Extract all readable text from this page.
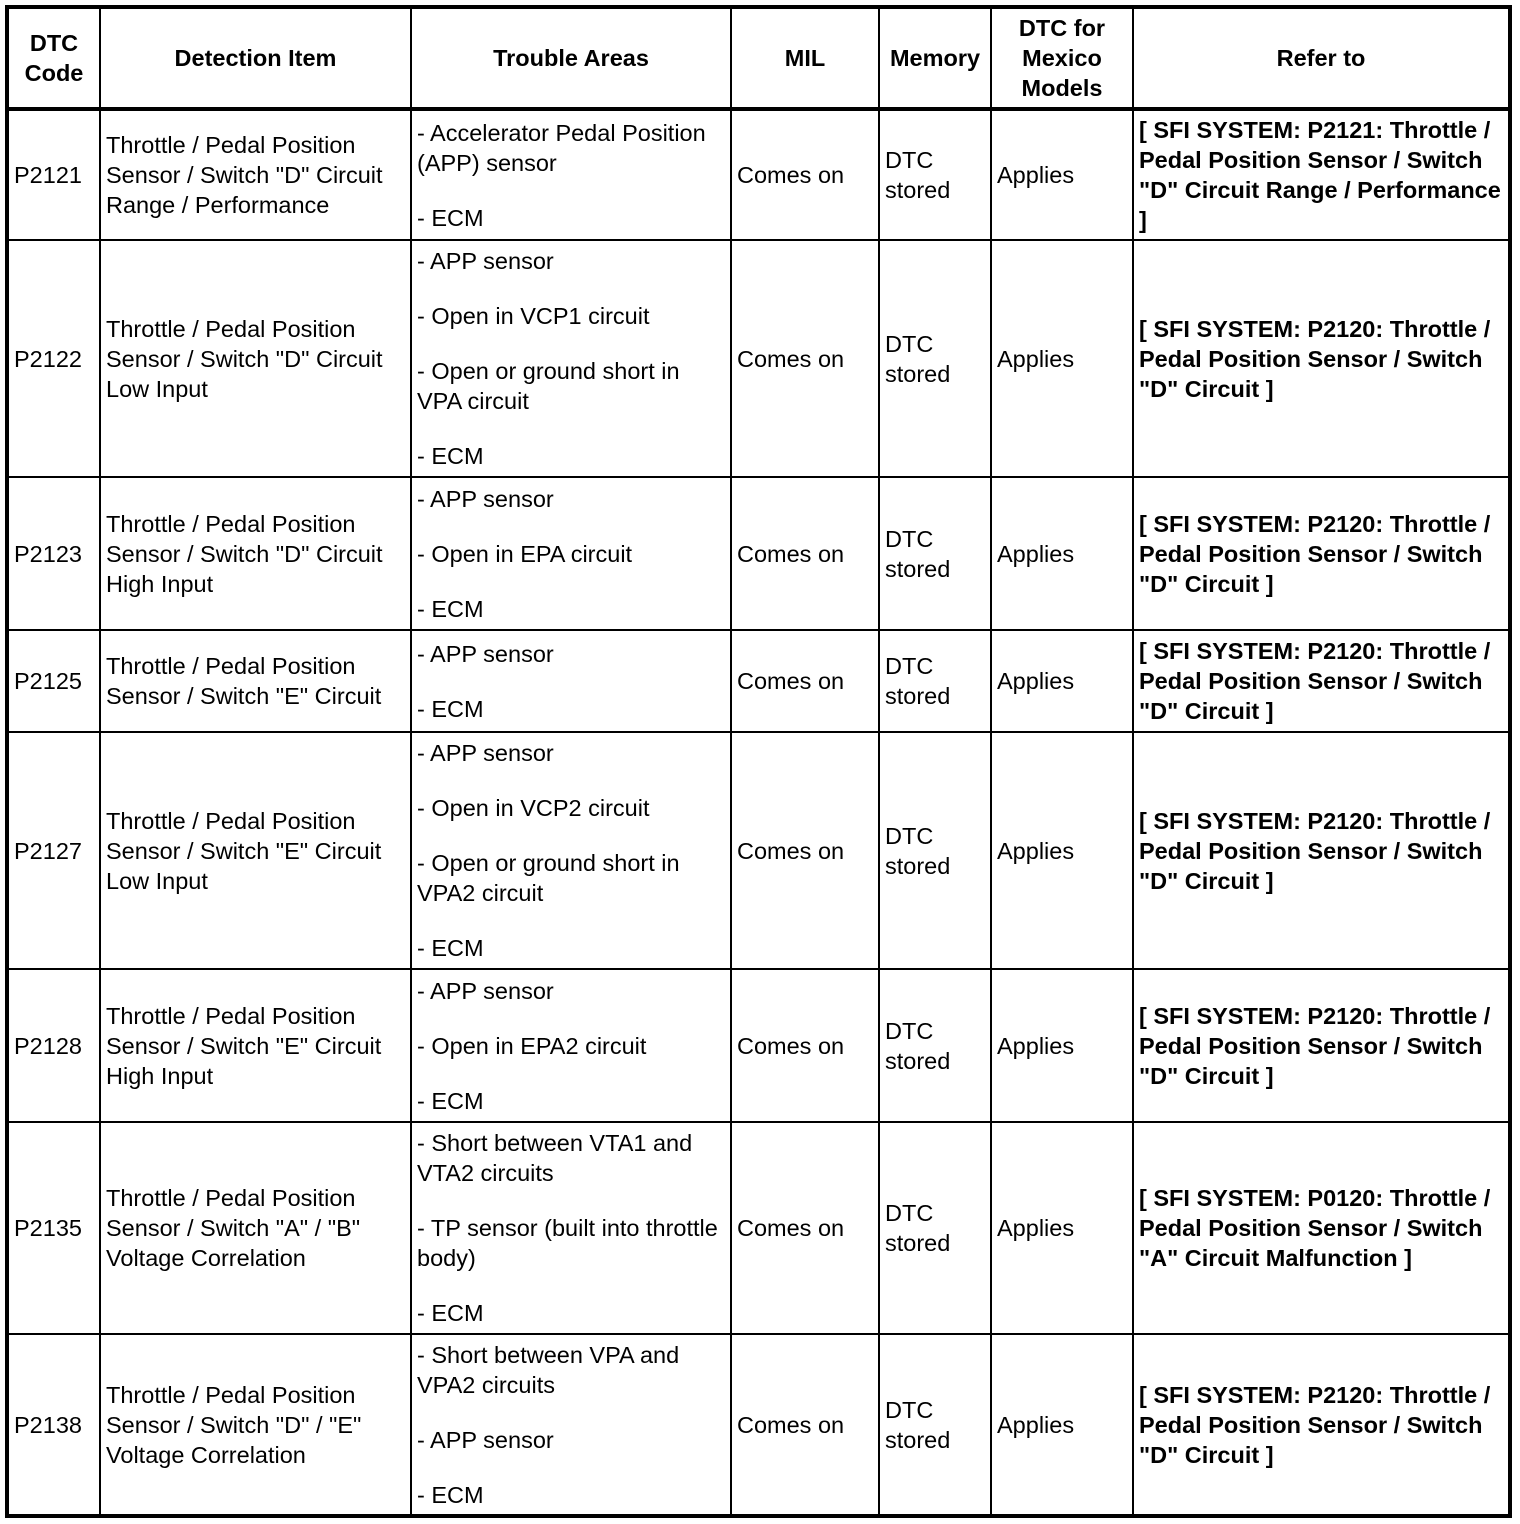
DTC Code	Detection Item	Trouble Areas	MIL	Memory	DTC for Mexico Models	Refer to
P2121	Throttle / Pedal Position Sensor / Switch "D" Circuit Range / Performance	- Accelerator Pedal Position (APP) sensor
- ECM	Comes on	DTC stored	Applies	[ SFI SYSTEM: P2121: Throttle / Pedal Position Sensor / Switch "D" Circuit Range / Performance ]
P2122	Throttle / Pedal Position Sensor / Switch "D" Circuit Low Input	- APP sensor
- Open in VCP1 circuit
- Open or ground short in VPA circuit
- ECM	Comes on	DTC stored	Applies	[ SFI SYSTEM: P2120: Throttle / Pedal Position Sensor / Switch "D" Circuit ]
P2123	Throttle / Pedal Position Sensor / Switch "D" Circuit High Input	- APP sensor
- Open in EPA circuit
- ECM	Comes on	DTC stored	Applies	[ SFI SYSTEM: P2120: Throttle / Pedal Position Sensor / Switch "D" Circuit ]
P2125	Throttle / Pedal Position Sensor / Switch "E" Circuit	- APP sensor
- ECM	Comes on	DTC stored	Applies	[ SFI SYSTEM: P2120: Throttle / Pedal Position Sensor / Switch "D" Circuit ]
P2127	Throttle / Pedal Position Sensor / Switch "E" Circuit Low Input	- APP sensor
- Open in VCP2 circuit
- Open or ground short in VPA2 circuit
- ECM	Comes on	DTC stored	Applies	[ SFI SYSTEM: P2120: Throttle / Pedal Position Sensor / Switch "D" Circuit ]
P2128	Throttle / Pedal Position Sensor / Switch "E" Circuit High Input	- APP sensor
- Open in EPA2 circuit
- ECM	Comes on	DTC stored	Applies	[ SFI SYSTEM: P2120: Throttle / Pedal Position Sensor / Switch "D" Circuit ]
P2135	Throttle / Pedal Position Sensor / Switch "A" / "B" Voltage Correlation	- Short between VTA1 and VTA2 circuits
- TP sensor (built into throttle body)
- ECM	Comes on	DTC stored	Applies	[ SFI SYSTEM: P0120: Throttle / Pedal Position Sensor / Switch "A" Circuit Malfunction ]
P2138	Throttle / Pedal Position Sensor / Switch "D" / "E" Voltage Correlation	- Short between VPA and VPA2 circuits
- APP sensor
- ECM	Comes on	DTC stored	Applies	[ SFI SYSTEM: P2120: Throttle / Pedal Position Sensor / Switch "D" Circuit ]
